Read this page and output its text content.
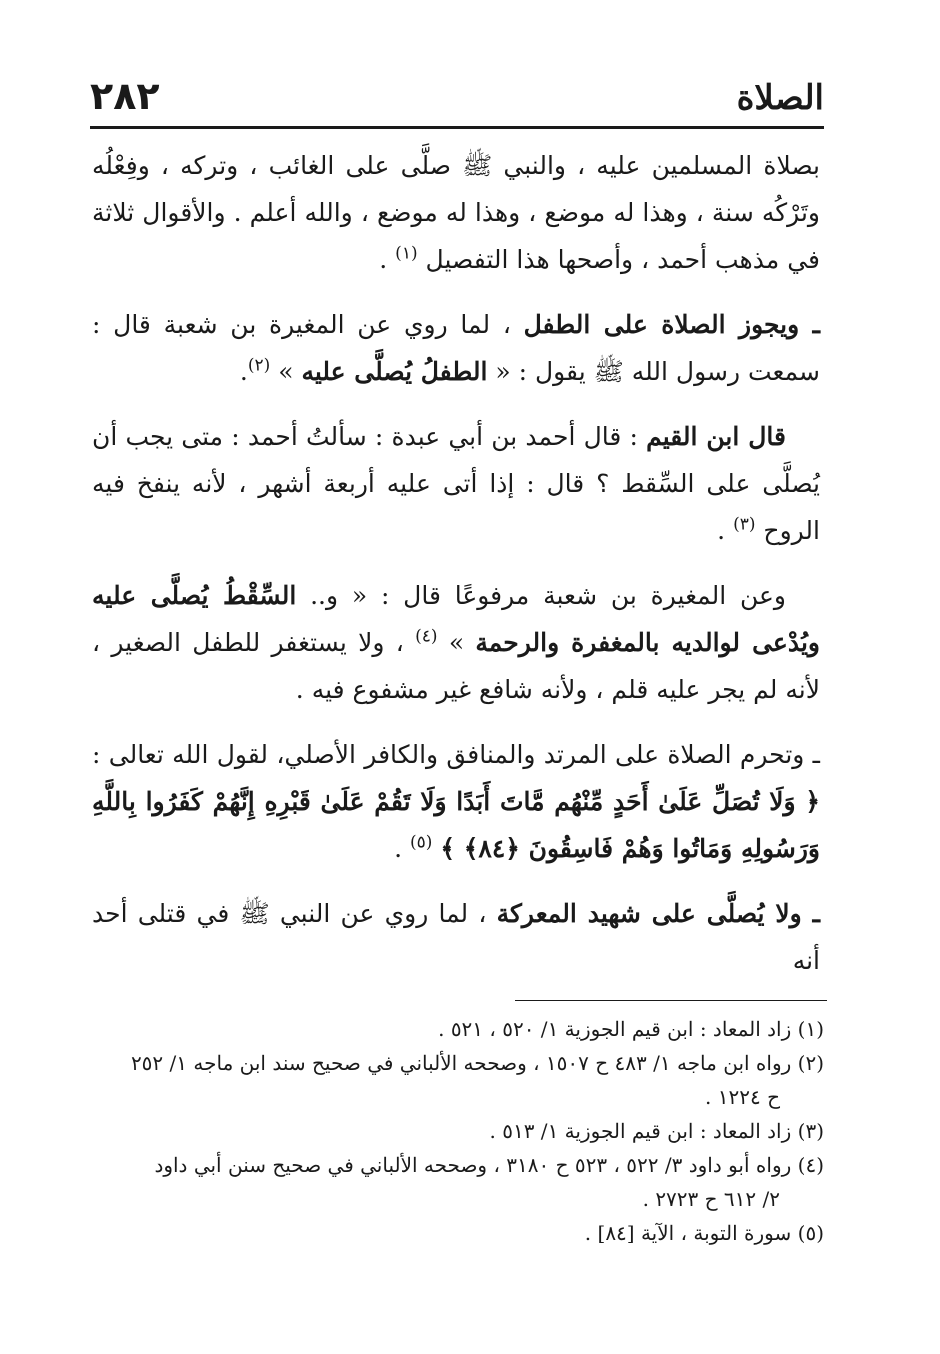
٢٨٢	الصلاة

بصلاة المسلمين عليه ، والنبي ﷺ صلَّى على الغائب ، وتركه ، وفِعْلُه وتَرْكُه سنة ، وهذا له موضع ، وهذا له موضع ، والله أعلم . والأقوال ثلاثة في مذهب أحمد ، وأصحها هذا التفصيل $^{(١)}$ .

ـ ويجوز الصلاة على الطفل ، لما روي عن المغيرة بن شعبة قال : سمعت رسول الله ﷺ يقول : « الطفلُ يُصلَّى عليه » $^{(٢)}$.

قال ابن القيم : قال أحمد بن أبي عبدة : سألتُ أحمد : متى يجب أن يُصلَّى على السِّقط ؟ قال : إذا أتى عليه أربعة أشهر ، لأنه ينفخ فيه الروح $^{(٣)}$ .

وعن المغيرة بن شعبة مرفوعًا قال : « و.. السِّقْطُ يُصلَّى عليه ويُدْعى لوالديه بالمغفرة والرحمة » $^{(٤)}$ ، ولا يستغفر للطفل الصغير ، لأنه لم يجر عليه قلم ، ولأنه شافع غير مشفوع فيه .

ـ وتحرم الصلاة على المرتد والمنافق والكافر الأصلي، لقول الله تعالى : ﴿ وَلَا تُصَلِّ عَلَىٰ أَحَدٍ مِّنْهُم مَّاتَ أَبَدًا وَلَا تَقُمْ عَلَىٰ قَبْرِهِ إِنَّهُمْ كَفَرُوا بِاللَّهِ وَرَسُولِهِ وَمَاتُوا وَهُمْ فَاسِقُونَ ﴿٨٤﴾ ﴾ $^{(٥)}$ .

ـ ولا يُصلَّى على شهيد المعركة ، لما روي عن النبي ﷺ في قتلى أحد أنه

(١) زاد المعاد : ابن قيم الجوزية ١/ ٥٢٠ ، ٥٢١ .

(٢) رواه ابن ماجه ١/ ٤٨٣ ح ١٥٠٧ ، وصححه الألباني في صحيح سند ابن ماجه ١/ ٢٥٢
ح ١٢٢٤ .

(٣) زاد المعاد : ابن قيم الجوزية ١/ ٥١٣ .

(٤) رواه أبو داود ٣/ ٥٢٢ ، ٥٢٣ ح ٣١٨٠ ، وصححه الألباني في صحيح سنن أبي داود
٢/ ٦١٢ ح ٢٧٢٣ .

(٥) سورة التوبة ، الآية [٨٤] .
